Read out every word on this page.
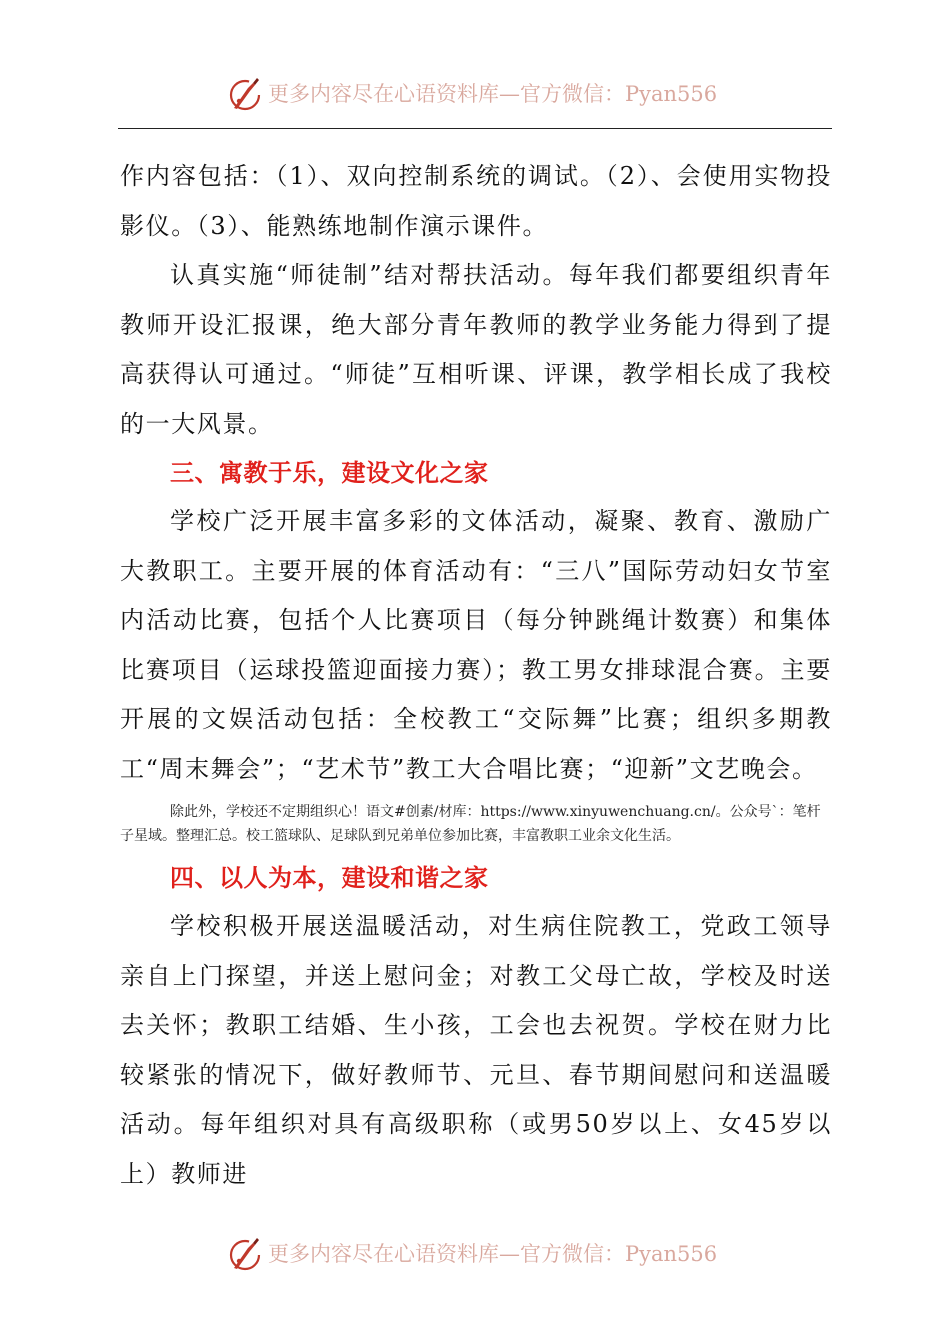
更多内容尽在心语资料库—官方微信：Pyan556

作内容包括：（1）、双向控制系统的调试。（2）、会使用实物投影仪。（3）、能熟练地制作演示课件。

认真实施“师徒制”结对帮扶活动。每年我们都要组织青年教师开设汇报课，绝大部分青年教师的教学业务能力得到了提高获得认可通过。“师徒”互相听课、评课，教学相长成了我校的一大风景。

三、寓教于乐，建设文化之家

学校广泛开展丰富多彩的文体活动，凝聚、教育、激励广大教职工。主要开展的体育活动有：“三八”国际劳动妇女节室内活动比赛，包括个人比赛项目（每分钟跳绳计数赛）和集体比赛项目（运球投篮迎面接力赛）；教工男女排球混合赛。主要开展的文娱活动包括：全校教工“交际舞”比赛；组织多期教工“周末舞会”；“艺术节”教工大合唱比赛；“迎新”文艺晚会。

除此外，学校还不定期组织心！语文#创素/材库：https://www.xinyuwenchuang.cn/。公众号`：笔杆子星域。整理汇总。校工篮球队、足球队到兄弟单位参加比赛，丰富教职工业余文化生活。

四、以人为本，建设和谐之家

学校积极开展送温暖活动，对生病住院教工，党政工领导亲自上门探望，并送上慰问金；对教工父母亡故，学校及时送去关怀；教职工结婚、生小孩，工会也去祝贺。学校在财力比较紧张的情况下，做好教师节、元旦、春节期间慰问和送温暖活动。每年组织对具有高级职称（或男50岁以上、女45岁以上）教师进

更多内容尽在心语资料库—官方微信：Pyan556
